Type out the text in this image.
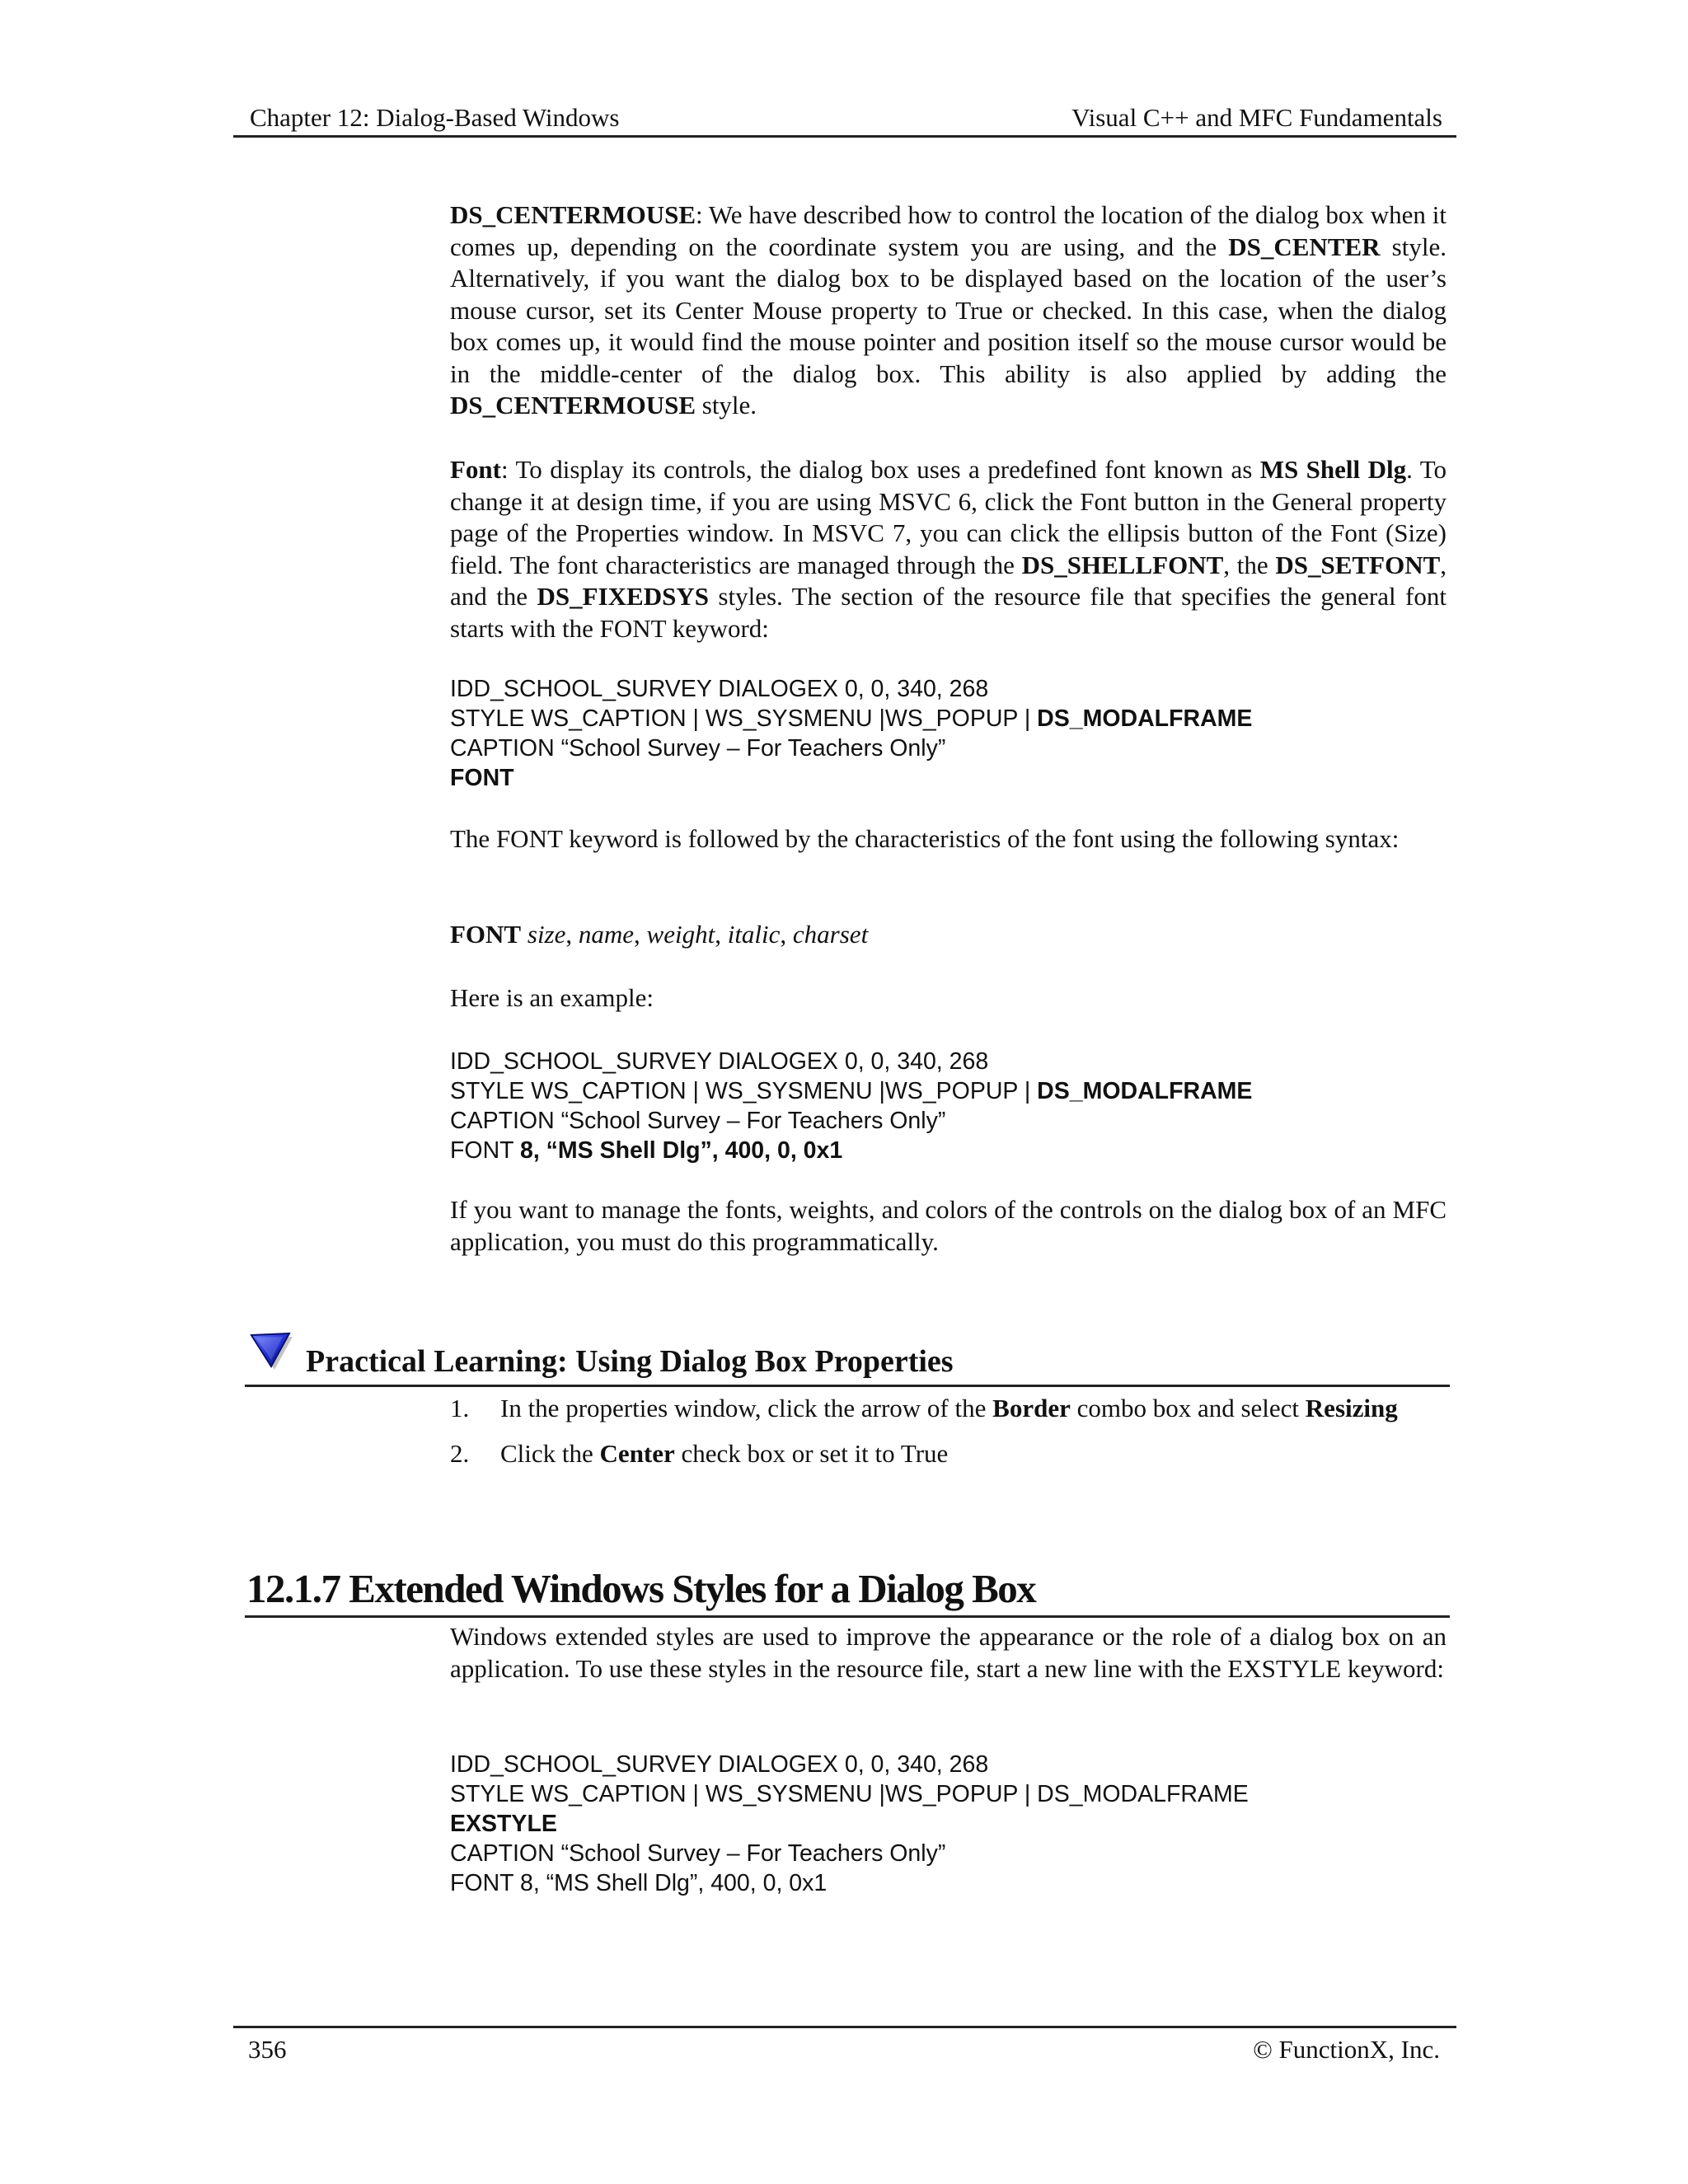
Chapter 12: Dialog-Based Windows	Visual C++ and MFC Fundamentals
DS_CENTERMOUSE: We have described how to control the location of the dialog box when it comes up, depending on the coordinate system you are using, and the DS_CENTER style. Alternatively, if you want the dialog box to be displayed based on the location of the user’s mouse cursor, set its Center Mouse property to True or checked. In this case, when the dialog box comes up, it would find the mouse pointer and position itself so the mouse cursor would be in the middle-center of the dialog box. This ability is also applied by adding the DS_CENTERMOUSE style.
Font: To display its controls, the dialog box uses a predefined font known as MS Shell Dlg. To change it at design time, if you are using MSVC 6, click the Font button in the General property page of the Properties window. In MSVC 7, you can click the ellipsis button of the Font (Size) field. The font characteristics are managed through the DS_SHELLFONT, the DS_SETFONT, and the DS_FIXEDSYS styles. The section of the resource file that specifies the general font starts with the FONT keyword:
IDD_SCHOOL_SURVEY DIALOGEX 0, 0, 340, 268
STYLE WS_CAPTION | WS_SYSMENU |WS_POPUP | DS_MODALFRAME
CAPTION “School Survey – For Teachers Only”
FONT
The FONT keyword is followed by the characteristics of the font using the following syntax:
FONT size, name, weight, italic, charset
Here is an example:
IDD_SCHOOL_SURVEY DIALOGEX 0, 0, 340, 268
STYLE WS_CAPTION | WS_SYSMENU |WS_POPUP | DS_MODALFRAME
CAPTION “School Survey – For Teachers Only”
FONT 8, “MS Shell Dlg”, 400, 0, 0x1
If you want to manage the fonts, weights, and colors of the controls on the dialog box of an MFC application, you must do this programmatically.
Practical Learning: Using Dialog Box Properties
1. In the properties window, click the arrow of the Border combo box and select Resizing
2. Click the Center check box or set it to True
12.1.7 Extended Windows Styles for a Dialog Box
Windows extended styles are used to improve the appearance or the role of a dialog box on an application. To use these styles in the resource file, start a new line with the EXSTYLE keyword:
IDD_SCHOOL_SURVEY DIALOGEX 0, 0, 340, 268
STYLE WS_CAPTION | WS_SYSMENU |WS_POPUP | DS_MODALFRAME
EXSTYLE
CAPTION “School Survey – For Teachers Only”
FONT 8, “MS Shell Dlg”, 400, 0, 0x1
356	© FunctionX, Inc.
